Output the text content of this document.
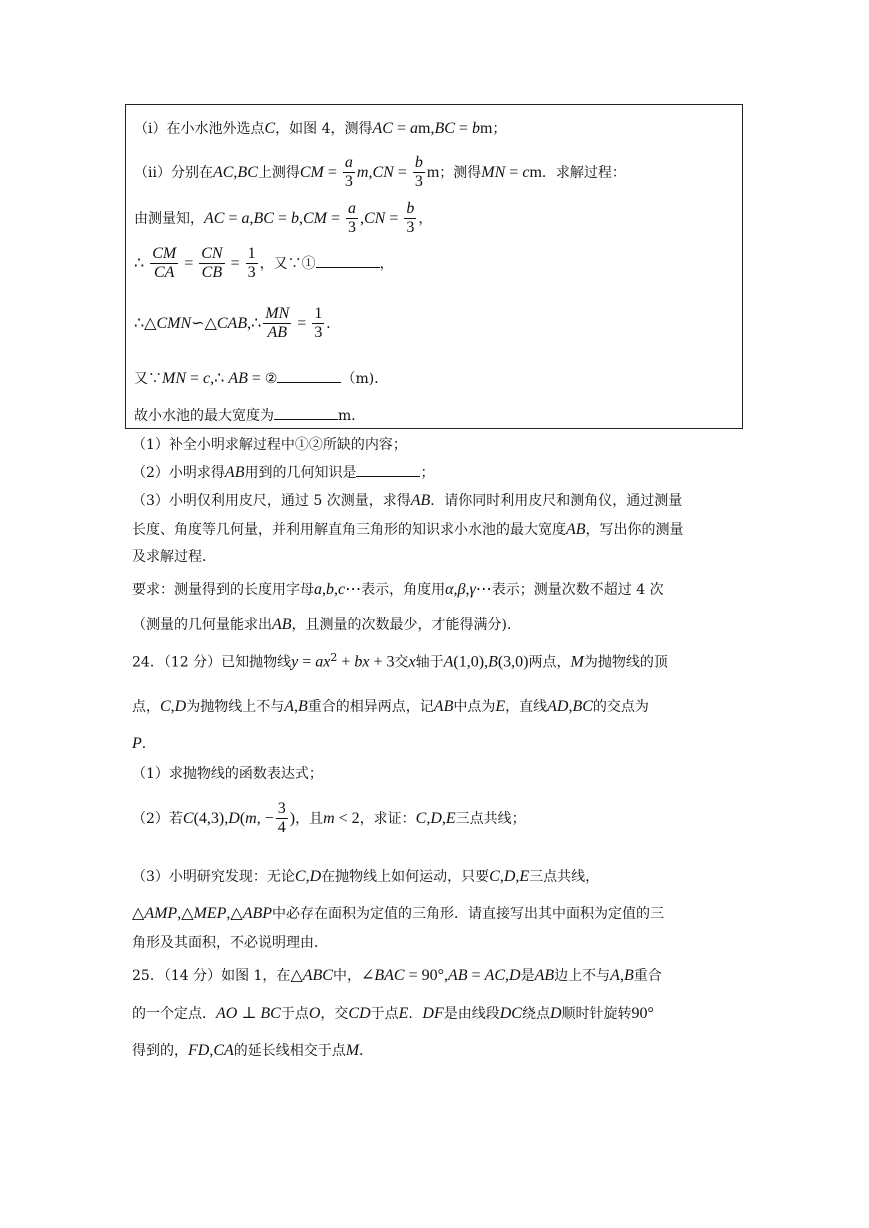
（ⅰ）在小水池外选点C，如图 4，测得AC = am,BC = bm；
（ⅱ）分别在AC,BC上测得CM = $\frac{a}{3} m,CN = \frac{b}{3}$ m；测得MN = cm．求解过程：
由测量知，AC = $a,BC = b,CM = \frac{a}{3} ,CN = \frac{b}{3}$ ，
∴ $\frac{CM}{CA} = \frac{CN}{CB} = \frac{1}{3}$ ，又∵①	，
∴△CMN∽△CAB,∴ $\frac{MN}{AB} = \frac{1}{3}$ .
又∵MN = c,∴ AB = ②	（m)．
故小水池的最大宽度为	m．
（1）补全小明求解过程中①②所缺的内容；
（2）小明求得AB用到的几何知识是	；
（3）小明仅利用皮尺，通过 5 次测量，求得AB．请你同时利用皮尺和测角仪，通过测量
长度、角度等几何量，并利用解直角三角形的知识求小水池的最大宽度AB，写出你的测量
及求解过程．
要求：测量得到的长度用字母a,b,c⋯表示，角度用α,β,γ⋯表示；测量次数不超过 4 次
（测量的几何量能求出AB，且测量的次数最少，才能得满分)．
24．（12 分）已知抛物线$y = ax^2$ + bx + 3交x轴于A(1,0),B(3,0)两点，M为抛物线的顶
点，C,D为抛物线上不与A,B重合的相异两点，记AB中点为E，直线AD,BC的交点为
P．
（1）求抛物线的函数表达式；
（2）若C(4,3),D(m, − $\frac{3}{4}$ )，且m < 2，求证：C,D,E三点共线；
（3）小明研究发现：无论C,D在抛物线上如何运动，只要C,D,E三点共线，
△AMP,△MEP,△ABP中必存在面积为定值的三角形．请直接写出其中面积为定值的三
角形及其面积，不必说明理由．
25．（14 分）如图 1，在△ABC中，∠BAC = 90°,AB = AC,D是AB边上不与A,B重合
的一个定点．AO ⊥ BC于点O，交CD于点E．DF是由线段DC绕点D顺时针旋转90°
得到的，FD,CA的延长线相交于点M．
